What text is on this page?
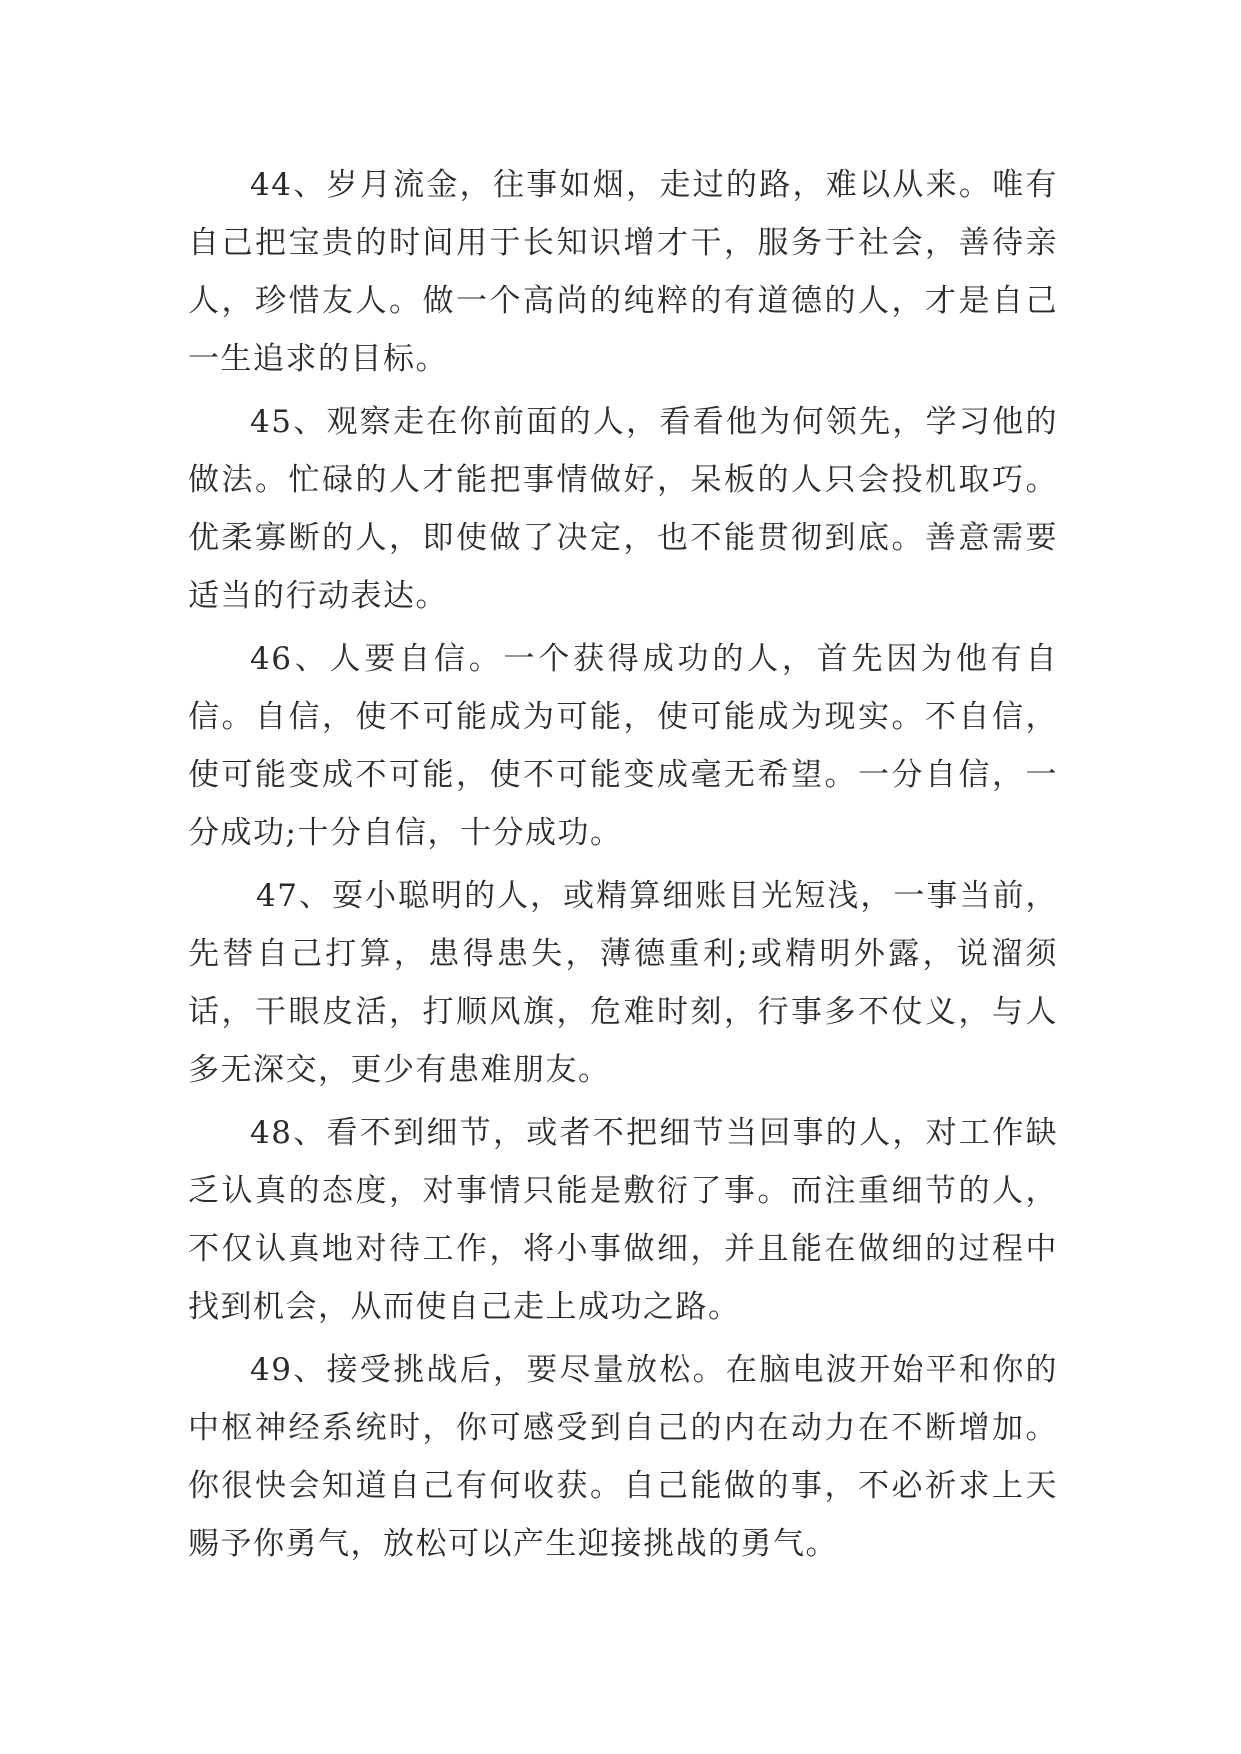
44、岁月流金，往事如烟，走过的路，难以从来。唯有自己把宝贵的时间用于长知识增才干，服务于社会，善待亲人，珍惜友人。做一个高尚的纯粹的有道德的人，才是自己一生追求的目标。

45、观察走在你前面的人，看看他为何领先，学习他的做法。忙碌的人才能把事情做好，呆板的人只会投机取巧。优柔寡断的人，即使做了决定，也不能贯彻到底。善意需要适当的行动表达。

46、人要自信。一个获得成功的人，首先因为他有自信。自信，使不可能成为可能，使可能成为现实。不自信，使可能变成不可能，使不可能变成毫无希望。一分自信，一分成功;十分自信，十分成功。

47、耍小聪明的人，或精算细账目光短浅，一事当前，先替自己打算，患得患失，薄德重利;或精明外露，说溜须话，干眼皮活，打顺风旗，危难时刻，行事多不仗义，与人多无深交，更少有患难朋友。

48、看不到细节，或者不把细节当回事的人，对工作缺乏认真的态度，对事情只能是敷衍了事。而注重细节的人，不仅认真地对待工作，将小事做细，并且能在做细的过程中找到机会，从而使自己走上成功之路。

49、接受挑战后，要尽量放松。在脑电波开始平和你的中枢神经系统时，你可感受到自己的内在动力在不断增加。你很快会知道自己有何收获。自己能做的事，不必祈求上天赐予你勇气，放松可以产生迎接挑战的勇气。
